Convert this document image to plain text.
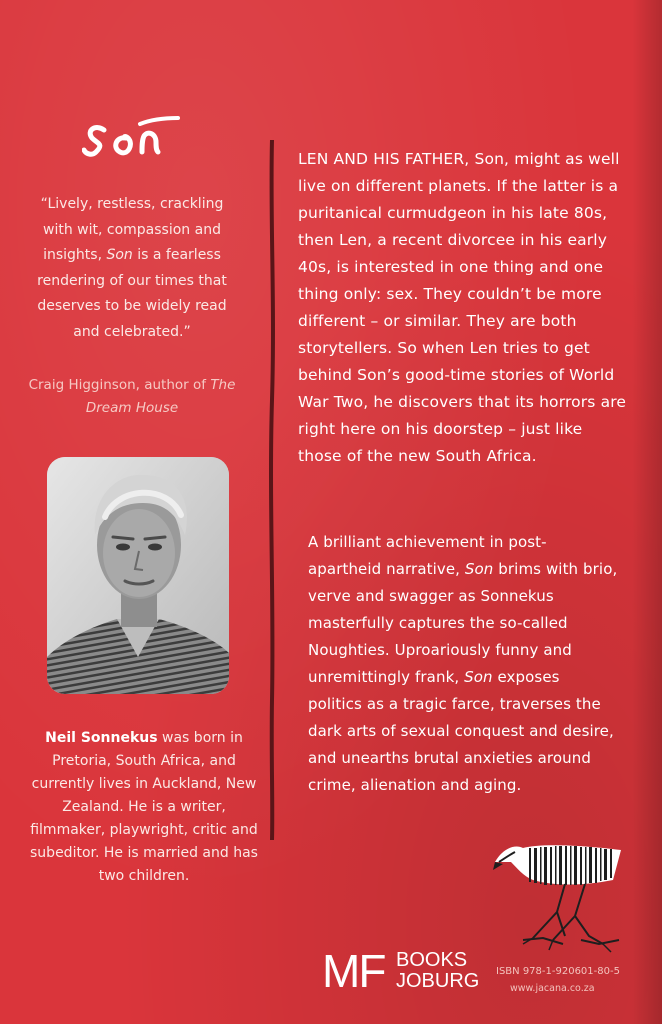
“Lively, restless, crackling with wit, compassion and insights, Son is a fearless rendering of our times that deserves to be widely read and celebrated.”
Craig Higginson, author of The Dream House
Neil Sonnekus was born in Pretoria, South Africa, and currently lives in Auckland, New Zealand. He is a writer, filmmaker, playwright, critic and subeditor. He is married and has two children.
LEN AND HIS FATHER, Son, might as well live on different planets. If the latter is a puritanical curmudgeon in his late 80s, then Len, a recent divorcee in his early 40s, is interested in one thing and one thing only: sex. They couldn’t be more different – or similar. They are both storytellers. So when Len tries to get behind Son’s good-time stories of World War Two, he discovers that its horrors are right here on his doorstep – just like those of the new South Africa.
A brilliant achievement in post-apartheid narrative, Son brims with brio, verve and swagger as Sonnekus masterfully captures the so-called Noughties. Uproariously funny and unremittingly frank, Son exposes politics as a tragic farce, traverses the dark arts of sexual conquest and desire, and unearths brutal anxieties around crime, alienation and aging.
MF BOOKS
JOBURG ISBN 978-1-920601-80-5
www.jacana.co.za
